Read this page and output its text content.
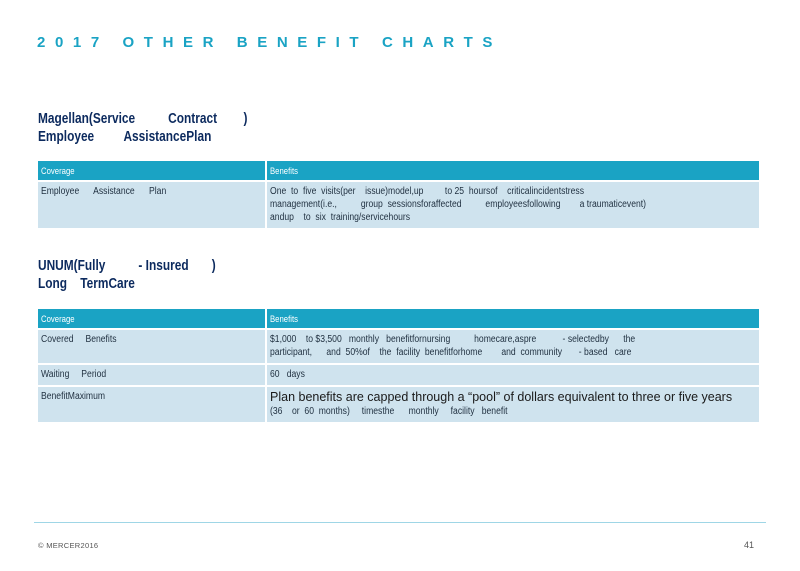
2017 OTHER BENEFIT CHARTS
Magellan(Service          Contract        )
Employee         AssistancePlan
Coverage	Benefits
Employee      Assistance      Plan	One  to  five  visits(per    issue)model,up         to 25  hoursof    criticalincidentstress management(i.e.,          group  sessionsforaffected          employeesfollowing        a traumaticevent) andup    to  six  training/servicehours
UNUM(Fully          - Insured       )
Long    TermCare
Coverage	Benefits
Covered     Benefits	$1,000    to $3,500   monthly   benefitfornursing          homecare,aspre           - selectedby      the participant,      and  50%of    the  facility  benefitforhome        and  community       - based   care
Waiting     Period	60   days
BenefitMaximum	Plan benefits are capped through a “pool” of dollars equivalent to three or five years
(36    or  60  months)     timesthe      monthly     facility   benefit
© MERCER2016	41
